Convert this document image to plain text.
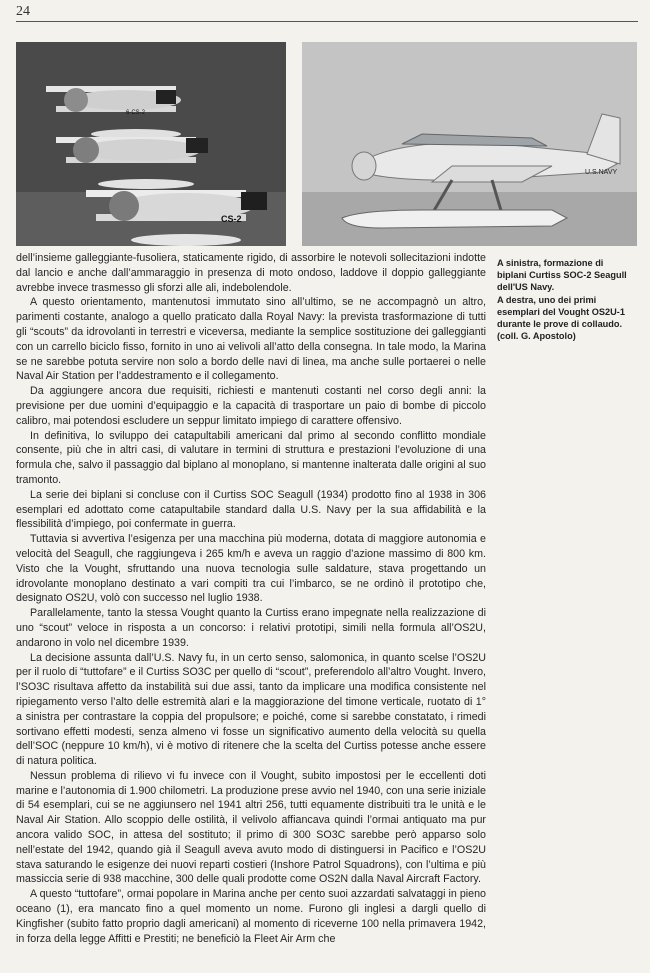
24
6-CS-2
CS-2
U.S.NAVY
A sinistra, formazione di
biplani Curtiss SOC-2 Seagull
dell'US Navy.
A destra, uno dei primi
esemplari del Vought OS2U-1
durante le prove di collaudo.
(coll. G. Apostolo)

dell’insieme galleggiante-fusoliera, staticamente rigido, di assorbire le notevoli sollecitazioni indotte dal lancio e anche dall’ammaraggio in presenza di moto ondoso, laddove il doppio galleggiante avrebbe invece trasmesso gli sforzi alle ali, indebolendole.

A questo orientamento, mantenutosi immutato sino all’ultimo, se ne accompagnò un altro, parimenti costante, analogo a quello praticato dalla Royal Navy: la prevista trasformazione di tutti gli “scouts” da idrovolanti in terrestri e viceversa, mediante la semplice sostituzione dei galleggianti con un carrello biciclo fisso, fornito in uno ai velivoli all’atto della consegna. In tale modo, la Marina se ne sarebbe potuta servire non solo a bordo delle navi di linea, ma anche sulle portaerei o nelle Naval Air Station per l’addestramento e il collegamento.

Da aggiungere ancora due requisiti, richiesti e mantenuti costanti nel corso degli anni: la previsione per due uomini d’equipaggio e la capacità di trasportare un paio di bombe di piccolo calibro, mai potendosi escludere un seppur limitato impiego di carattere offensivo.

In definitiva, lo sviluppo dei catapultabili americani dal primo al secondo conflitto mondiale consente, più che in altri casi, di valutare in termini di struttura e prestazioni l’evoluzione di una formula che, salvo il passaggio dal biplano al monoplano, si mantenne inalterata dalle origini al suo tramonto.

La serie dei biplani si concluse con il Curtiss SOC Seagull (1934) prodotto fino al 1938 in 306 esemplari ed adottato come catapultabile standard dalla U.S. Navy per la sua affidabilità e la flessibilità d’impiego, poi confermate in guerra.

Tuttavia si avvertiva l’esigenza per una macchina più moderna, dotata di maggiore autonomia e velocità del Seagull, che raggiungeva i 265 km/h e aveva un raggio d’azione massimo di 800 km. Visto che la Vought, sfruttando una nuova tecnologia sulle saldature, stava progettando un idrovolante monoplano destinato a vari compiti tra cui l’imbarco, se ne ordinò il prototipo che, designato OS2U, volò con successo nel luglio 1938.

Parallelamente, tanto la stessa Vought quanto la Curtiss erano impegnate nella realizzazione di uno “scout” veloce in risposta a un concorso: i relativi prototipi, simili nella formula all’OS2U, andarono in volo nel dicembre 1939.

La decisione assunta dall’U.S. Navy fu, in un certo senso, salomonica, in quanto scelse l’OS2U per il ruolo di “tuttofare” e il Curtiss SO3C per quello di “scout”, preferendolo all’altro Vought. Invero, l’SO3C risultava affetto da instabilità sui due assi, tanto da implicare una modifica consistente nel ripiegamento verso l’alto delle estremità alari e la maggiorazione del timone verticale, ruotato di 1° a sinistra per contrastare la coppia del propulsore; e poiché, come si sarebbe constatato, i rimedi sortivano effetti modesti, senza almeno vi fosse un significativo aumento della velocità su quella dell’SOC (neppure 10 km/h), vi è motivo di ritenere che la scelta del Curtiss potesse anche essere di natura politica.

Nessun problema di rilievo vi fu invece con il Vought, subito impostosi per le eccellenti doti marine e l’autonomia di 1.900 chilometri. La produzione prese avvio nel 1940, con una serie iniziale di 54 esemplari, cui se ne aggiunsero nel 1941 altri 256, tutti equamente distribuiti tra le unità e le Naval Air Station. Allo scoppio delle ostilità, il velivolo affiancava quindi l’ormai antiquato ma pur ancora valido SOC, in attesa del sostituto; il primo di 300 SO3C sarebbe però apparso solo nell’estate del 1942, quando già il Seagull aveva avuto modo di distinguersi in Pacifico e l’OS2U stava saturando le esigenze dei nuovi reparti costieri (Inshore Patrol Squadrons), con l’ultima e più massiccia serie di 938 macchine, 300 delle quali prodotte come OS2N dalla Naval Aircraft Factory.

A questo “tuttofare”, ormai popolare in Marina anche per cento suoi azzardati salvataggi in pieno oceano (1), era mancato fino a quel momento un nome. Furono gli inglesi a dargli quello di Kingfisher (subito fatto proprio dagli americani) al momento di riceverne 100 nella primavera 1942, in forza della legge Affitti e Prestiti; ne beneficiò la Fleet Air Arm che
